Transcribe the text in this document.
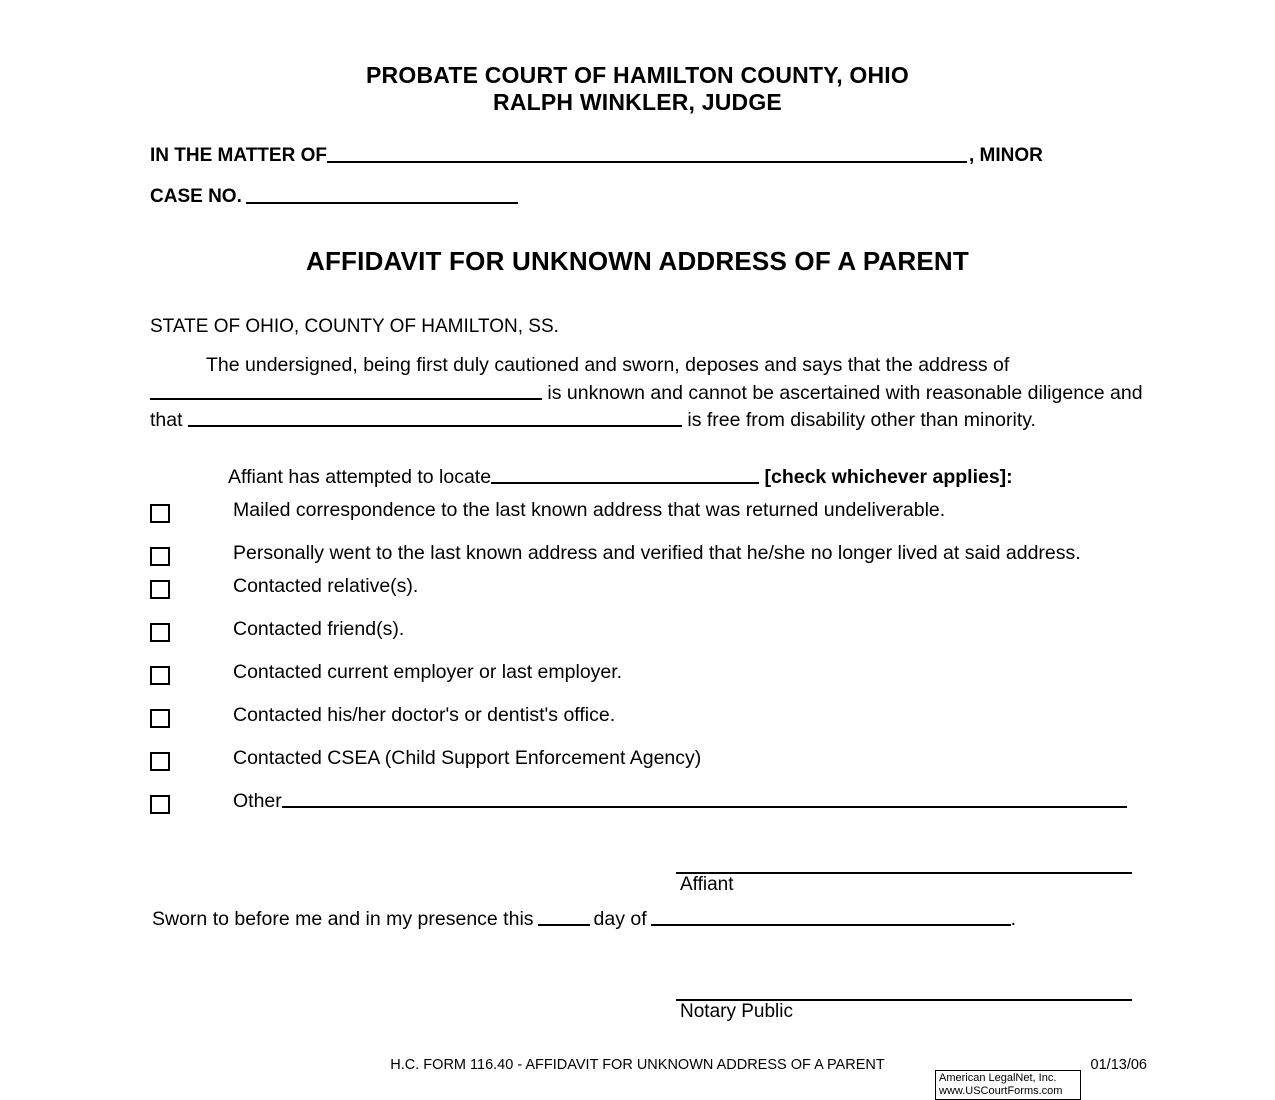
PROBATE COURT OF HAMILTON COUNTY, OHIO
RALPH WINKLER, JUDGE
IN THE MATTER OF	, MINOR
CASE NO.
AFFIDAVIT FOR UNKNOWN ADDRESS OF A PARENT
STATE OF OHIO, COUNTY OF HAMILTON, SS.
The undersigned, being first duly cautioned and sworn, deposes and says that the address of  is unknown and cannot be ascertained with reasonable diligence and that	is free from disability other than minority.
Affiant has attempted to locate	[check whichever applies]:
Mailed correspondence to the last known address that was returned undeliverable.
Personally went to the last known address and verified that he/she no longer lived at said address.
Contacted relative(s).
Contacted friend(s).
Contacted current employer or last employer.
Contacted his/her doctor's or dentist's office.
Contacted CSEA (Child Support Enforcement Agency)
Other
Affiant
Sworn to before me and in my presence this	day of	.
Notary Public
H.C. FORM 116.40 - AFFIDAVIT FOR UNKNOWN ADDRESS OF A PARENT	01/13/06
American LegalNet, Inc.
www.USCourtForms.com
